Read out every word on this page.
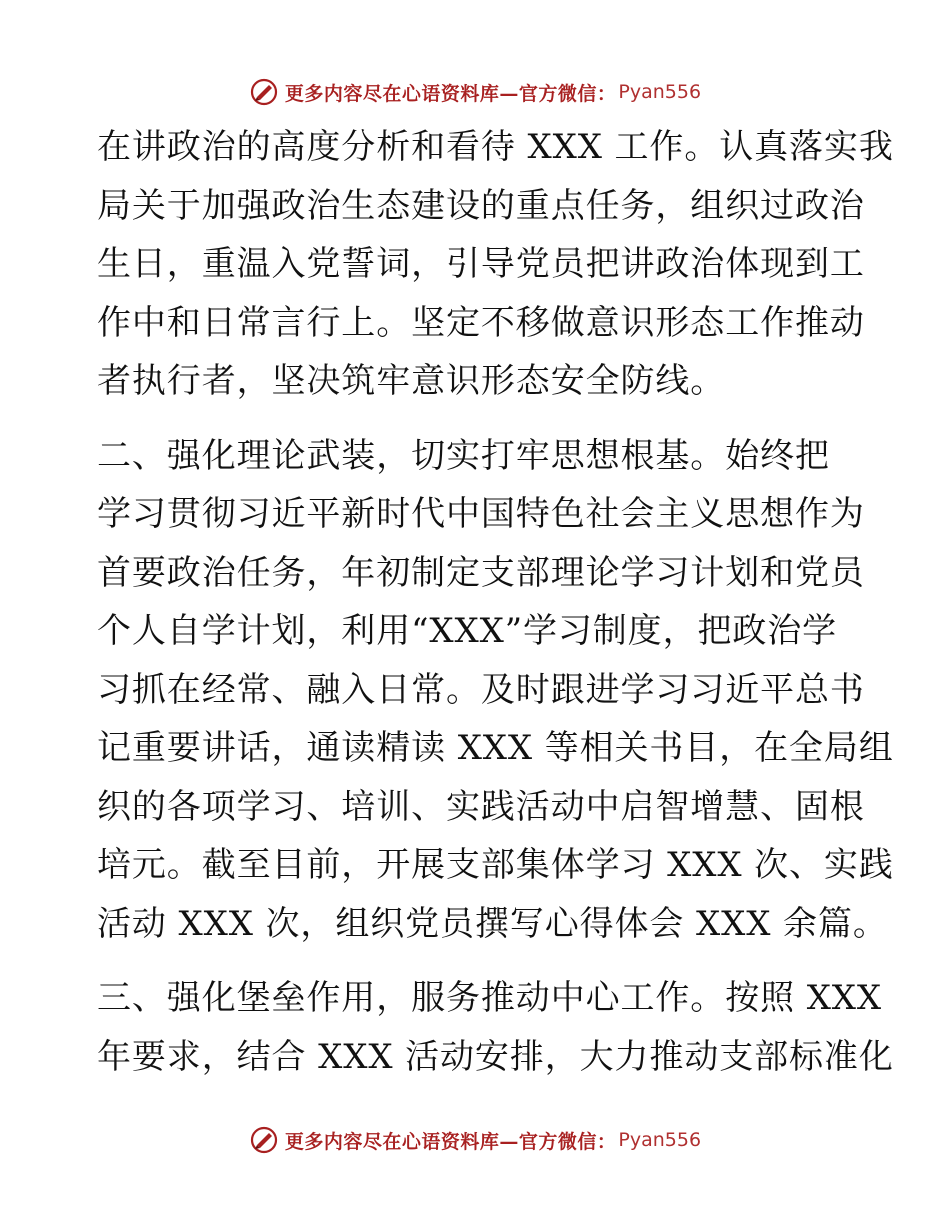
更多内容尽在心语资料库—官方微信： Pyan556
在讲政治的高度分析和看待 XXX 工作。认真落实我
局关于加强政治生态建设的重点任务，组织过政治
生日，重温入党誓词，引导党员把讲政治体现到工
作中和日常言行上。坚定不移做意识形态工作推动
者执行者，坚决筑牢意识形态安全防线。
二、强化理论武装，切实打牢思想根基。始终把
学习贯彻习近平新时代中国特色社会主义思想作为
首要政治任务，年初制定支部理论学习计划和党员
个人自学计划，利用“XXX”学习制度，把政治学
习抓在经常、融入日常。及时跟进学习习近平总书
记重要讲话，通读精读 XXX 等相关书目，在全局组
织的各项学习、培训、实践活动中启智增慧、固根
培元。截至目前，开展支部集体学习 XXX 次、实践
活动 XXX 次，组织党员撰写心得体会 XXX 余篇。
三、强化堡垒作用，服务推动中心工作。按照 XXX
年要求，结合 XXX 活动安排，大力推动支部标准化
更多内容尽在心语资料库—官方微信： Pyan556
